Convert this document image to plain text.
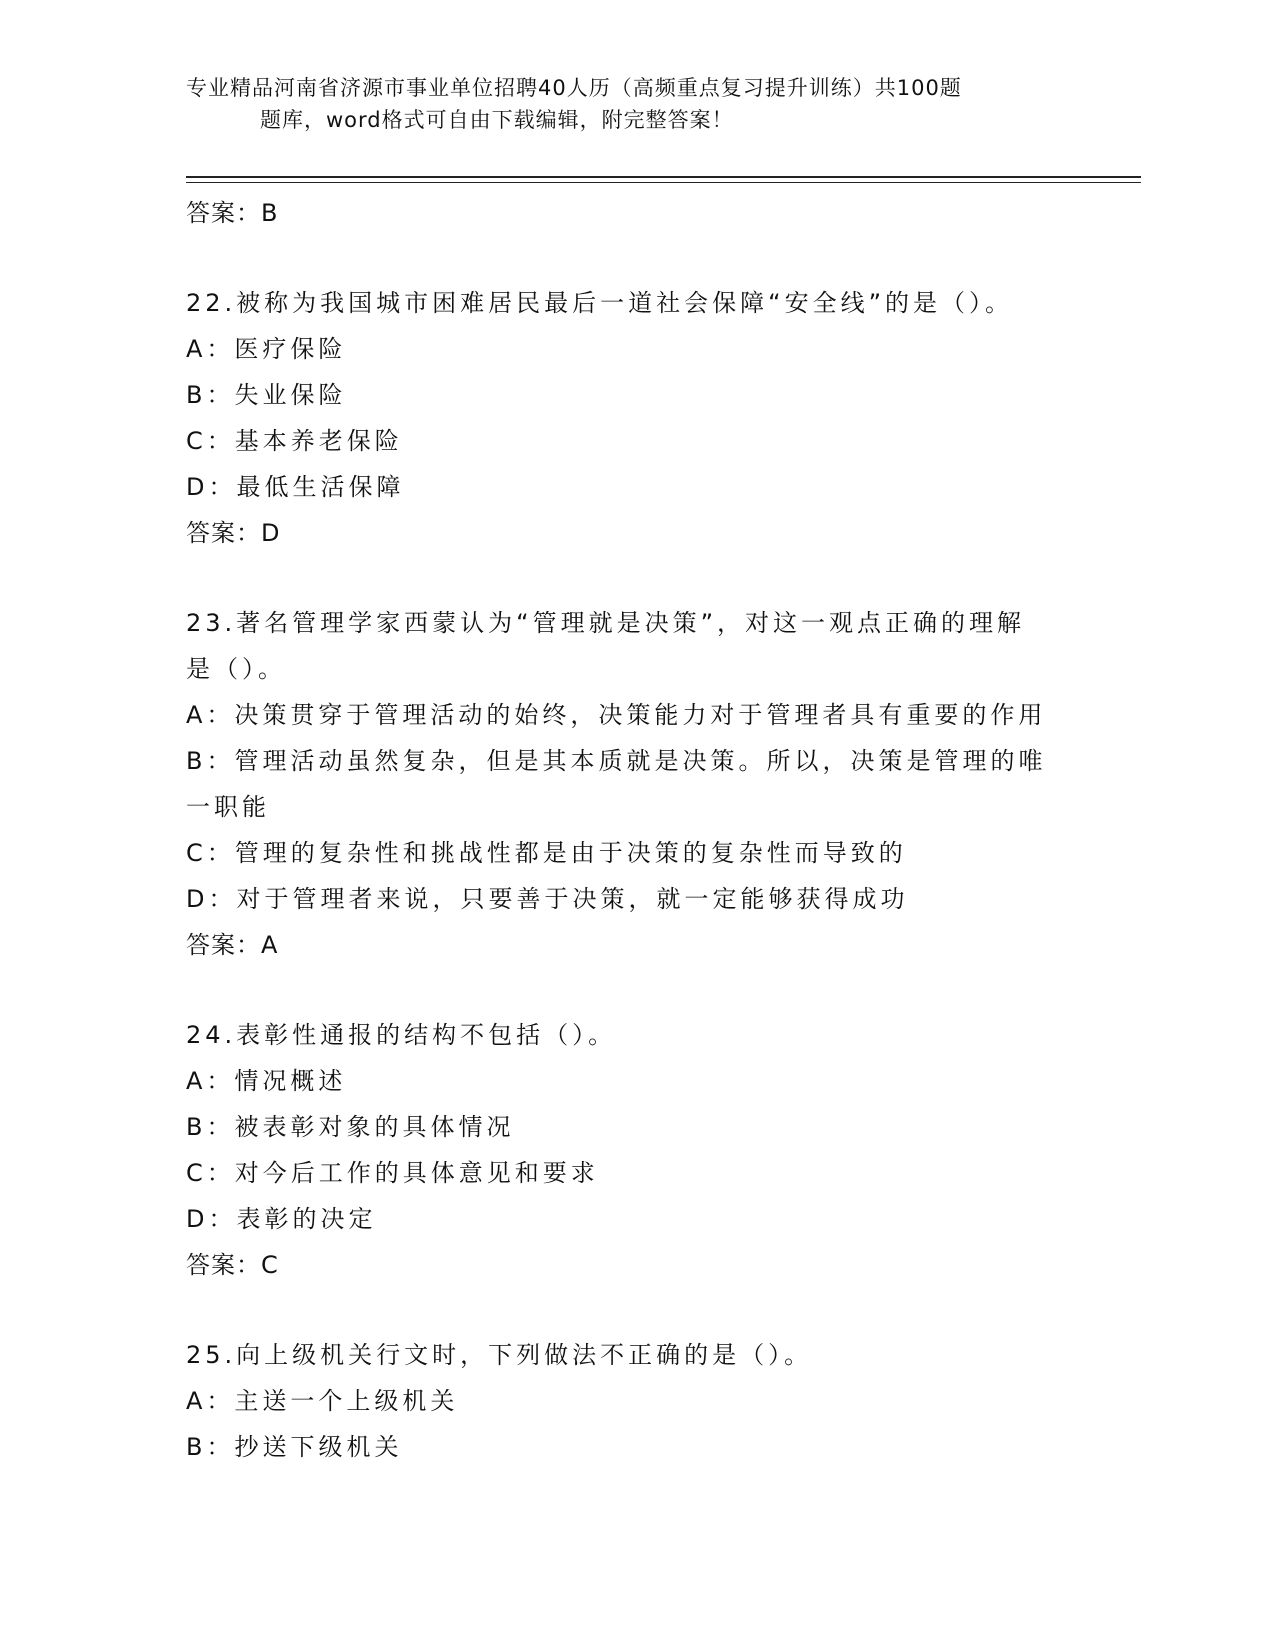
专业精品河南省济源市事业单位招聘40人历（高频重点复习提升训练）共100题

题库，word格式可自由下载编辑，附完整答案！
答案：B
22.被称为我国城市困难居民最后一道社会保障“安全线”的是（）。
A：医疗保险
B：失业保险
C：基本养老保险
D：最低生活保障
答案：D
23.著名管理学家西蒙认为“管理就是决策”，对这一观点正确的理解
是（）。
A：决策贯穿于管理活动的始终，决策能力对于管理者具有重要的作用
B：管理活动虽然复杂，但是其本质就是决策。所以，决策是管理的唯
一职能
C：管理的复杂性和挑战性都是由于决策的复杂性而导致的
D：对于管理者来说，只要善于决策，就一定能够获得成功
答案：A
24.表彰性通报的结构不包括（）。
A：情况概述
B：被表彰对象的具体情况
C：对今后工作的具体意见和要求
D：表彰的决定
答案：C
25.向上级机关行文时，下列做法不正确的是（）。
A：主送一个上级机关
B：抄送下级机关
